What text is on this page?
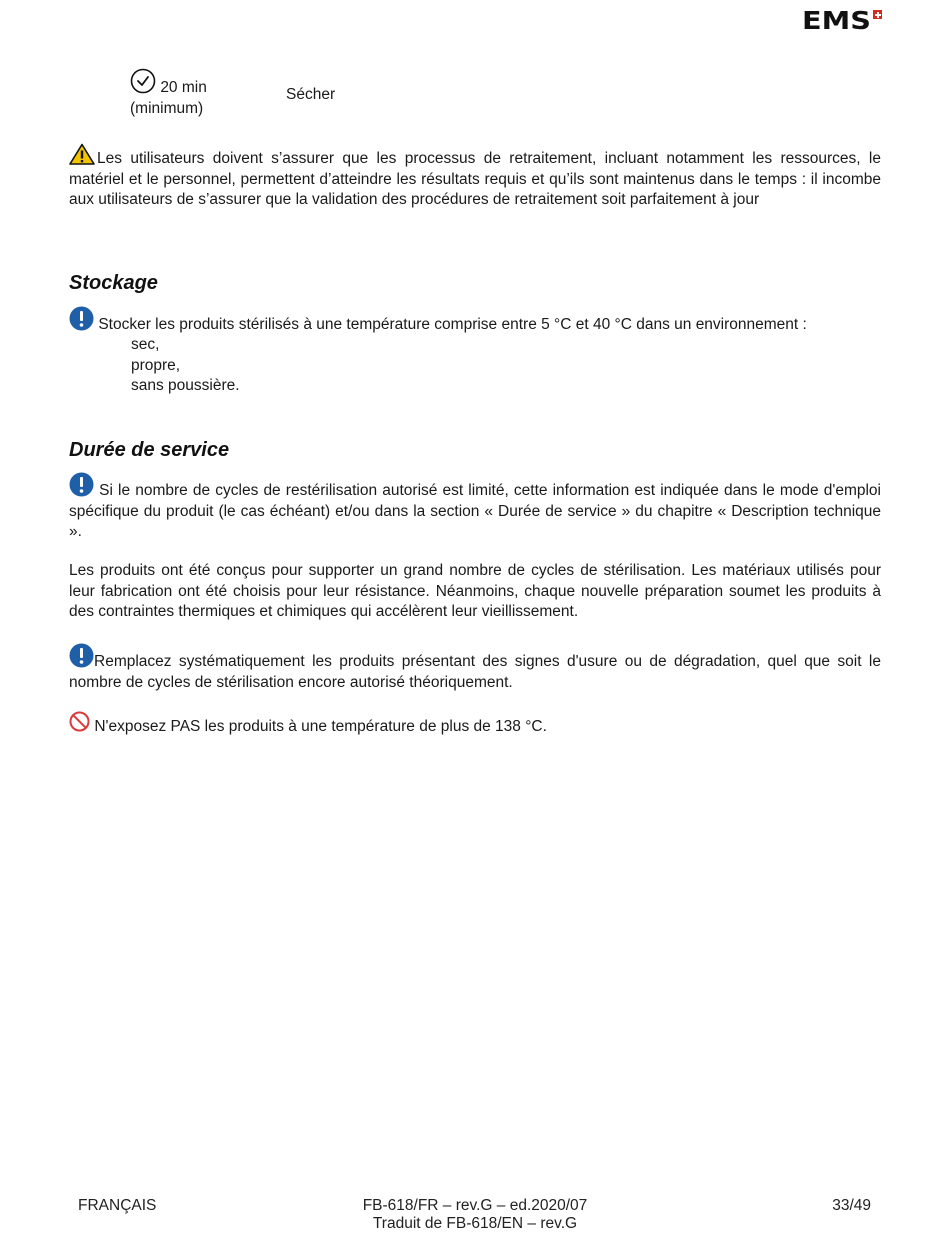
EMS
20 min
(minimum)
Sécher
Les utilisateurs doivent s’assurer que les processus de retraitement, incluant notamment les ressources, le matériel et le personnel, permettent d’atteindre les résultats requis et qu’ils sont maintenus dans le temps : il incombe aux utilisateurs de s’assurer que la validation des procédures de retraitement soit parfaitement à jour
Stockage
Stocker les produits stérilisés à une température comprise entre 5 °C et 40 °C dans un environnement :
sec,
propre,
sans poussière.
Durée de service
Si le nombre de cycles de restérilisation autorisé est limité, cette information est indiquée dans le mode d'emploi spécifique du produit (le cas échéant) et/ou dans la section « Durée de service » du chapitre « Description technique ».
Les produits ont été conçus pour supporter un grand nombre de cycles de stérilisation. Les matériaux utilisés pour leur fabrication ont été choisis pour leur résistance. Néanmoins, chaque nouvelle préparation soumet les produits à des contraintes thermiques et chimiques qui accélèrent leur vieillissement.
Remplacez systématiquement les produits présentant des signes d'usure ou de dégradation, quel que soit le nombre de cycles de stérilisation encore autorisé théoriquement.
N'exposez PAS les produits à une température de plus de 138 °C.
FRANÇAIS	FB-618/FR – rev.G – ed.2020/07
Traduit de FB-618/EN – rev.G
33/49
